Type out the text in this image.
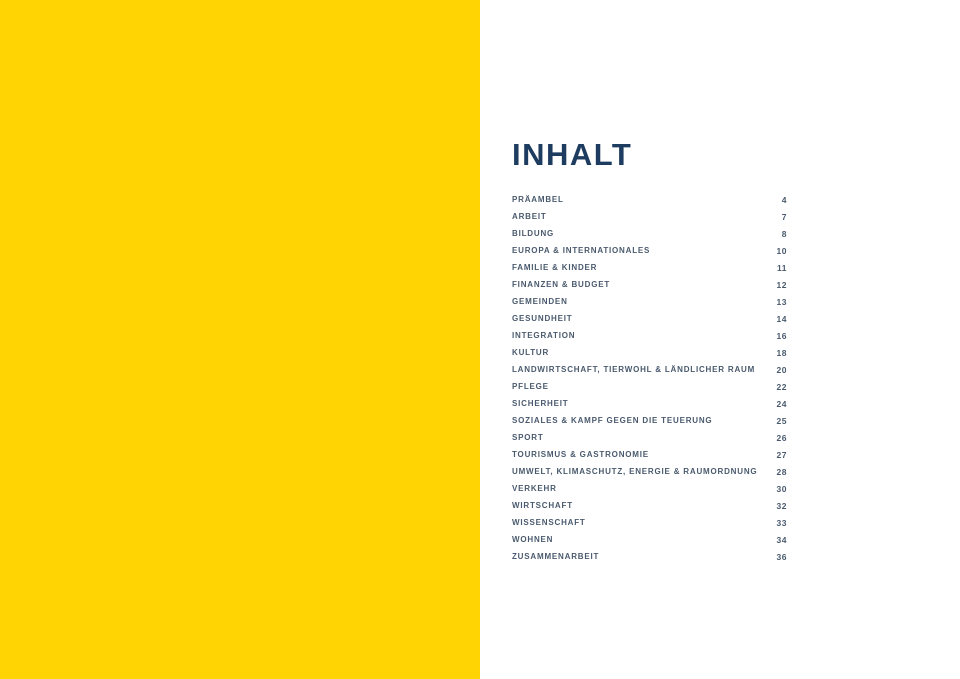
INHALT
PRÄAMBEL	4
ARBEIT	7
BILDUNG	8
EUROPA & INTERNATIONALES	10
FAMILIE & KINDER	11
FINANZEN & BUDGET	12
GEMEINDEN	13
GESUNDHEIT	14
INTEGRATION	16
KULTUR	18
LANDWIRTSCHAFT, TIERWOHL & LÄNDLICHER RAUM	20
PFLEGE	22
SICHERHEIT	24
SOZIALES & KAMPF GEGEN DIE TEUERUNG	25
SPORT	26
TOURISMUS & GASTRONOMIE	27
UMWELT, KLIMASCHUTZ, ENERGIE & RAUMORDNUNG 28
VERKEHR	30
WIRTSCHAFT	32
WISSENSCHAFT	33
WOHNEN	34
ZUSAMMENARBEIT	36
